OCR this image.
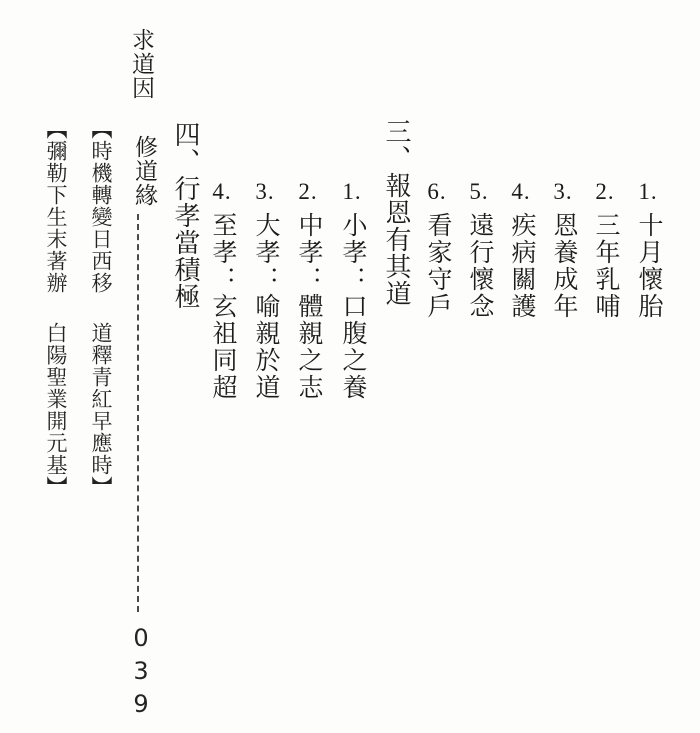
1.
十月懷胎
2.
三年乳哺
3.
恩養成年
4.
疾病關護
5.
遠行懷念
6.
看家守戶
三、報恩有其道
1.
小孝：口腹之養
2.
中孝：體親之志
3.
大孝：喻親於道
4.
至孝：玄祖同超
四、行孝當積極
求道因
修道緣
039
【時機轉變日西移
道釋青紅早應時】
【彌勒下生末著辦
白陽聖業開元基】
